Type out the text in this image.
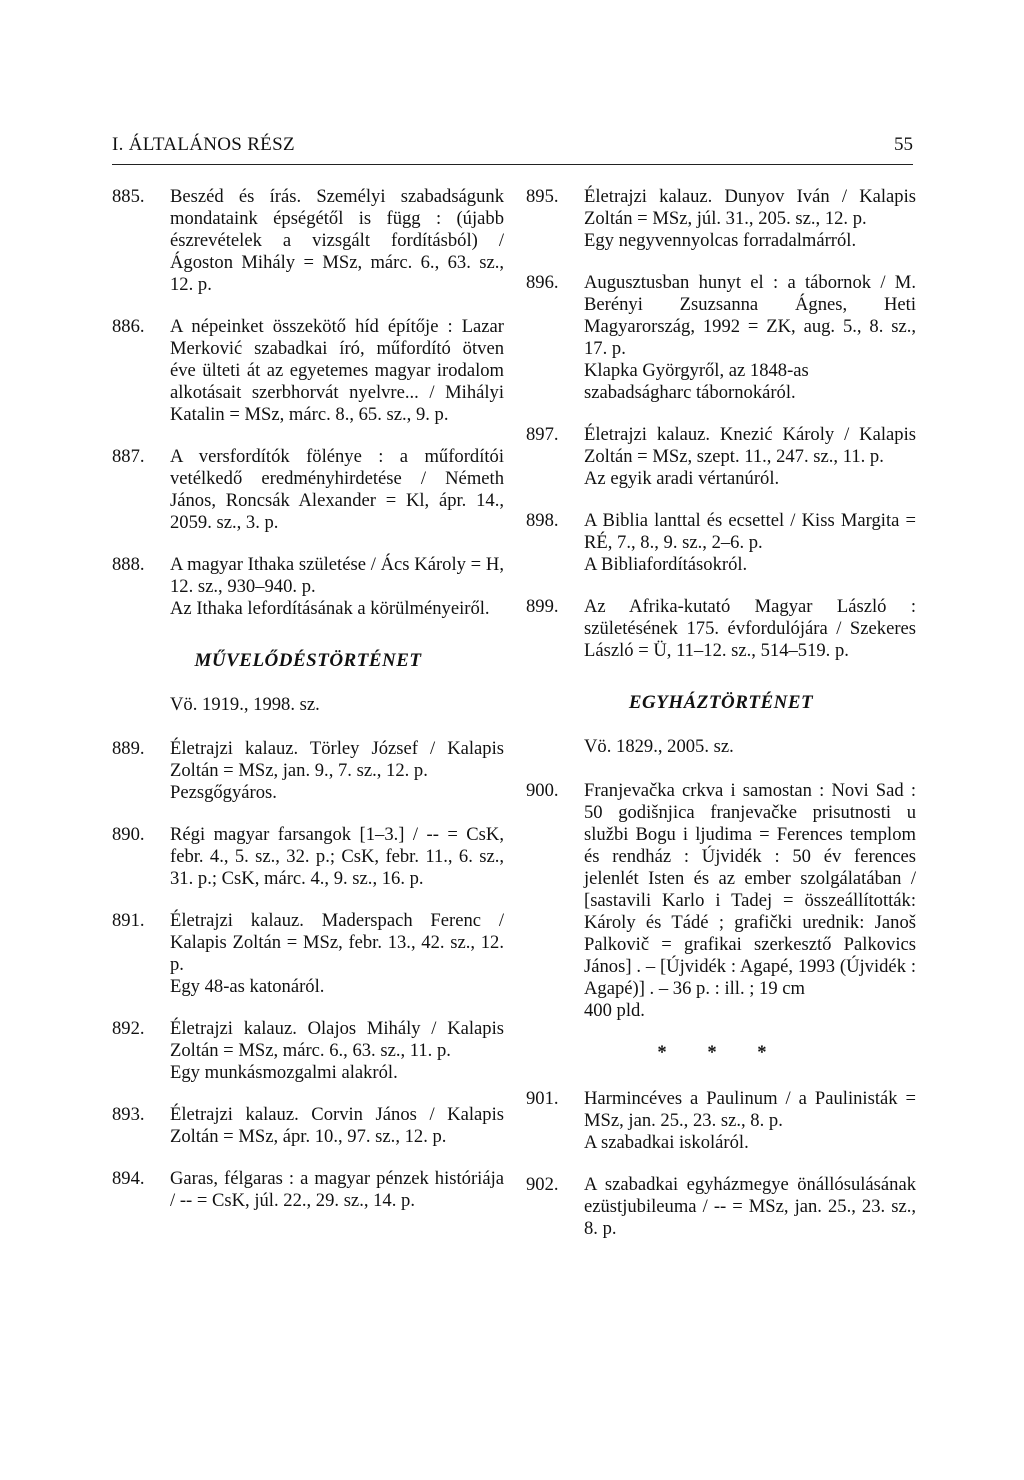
I. ÁLTALÁNOS RÉSZ	55
885. Beszéd és írás. Személyi szabadságunk mondataink épségétől is függ : (újabb észrevételek a vizsgált fordításból) / Ágoston Mihály = MSz, márc. 6., 63. sz., 12. p.
886. A népeinket összekötő híd építője : Lazar Merković szabadkai író, műfordító ötven éve ülteti át az egyetemes magyar irodalom alkotásait szerbhorvát nyelvre... / Mihályi Katalin = MSz, márc. 8., 65. sz., 9. p.
887. A versfordítók fölénye : a műfordítói vetélkedő eredményhirdetése / Németh János, Roncsák Alexander = Kl, ápr. 14., 2059. sz., 3. p.
888. A magyar Ithaka születése / Ács Károly = H, 12. sz., 930–940. p.
Az Ithaka lefordításának a körülményeiről.
MŰVELŐDÉSTÖRTÉNET
Vö. 1919., 1998. sz.
889. Életrajzi kalauz. Törley József / Kalapis Zoltán = MSz, jan. 9., 7. sz., 12. p.
Pezsgőgyáros.
890. Régi magyar farsangok [1–3.] / -- = CsK, febr. 4., 5. sz., 32. p.; CsK, febr. 11., 6. sz., 31. p.; CsK, márc. 4., 9. sz., 16. p.
891. Életrajzi kalauz. Maderspach Ferenc / Kalapis Zoltán = MSz, febr. 13., 42. sz., 12. p.
Egy 48-as katonáról.
892. Életrajzi kalauz. Olajos Mihály / Kalapis Zoltán = MSz, márc. 6., 63. sz., 11. p.
Egy munkásmozgalmi alakról.
893. Életrajzi kalauz. Corvin János / Kalapis Zoltán = MSz, ápr. 10., 97. sz., 12. p.
894. Garas, félgaras : a magyar pénzek históriája / -- = CsK, júl. 22., 29. sz., 14. p.
895. Életrajzi kalauz. Dunyov Iván / Kalapis Zoltán = MSz, júl. 31., 205. sz., 12. p.
Egy negyvennyolcas forradalmárról.
896. Augusztusban hunyt el : a tábornok / M. Berényi Zsuzsanna Ágnes, Heti Magyarország, 1992 = ZK, aug. 5., 8. sz., 17. p.
Klapka Györgyről, az 1848-as szabadságharc tábornokáról.
897. Életrajzi kalauz. Knezić Károly / Kalapis Zoltán = MSz, szept. 11., 247. sz., 11. p.
Az egyik aradi vértanúról.
898. A Biblia lanttal és ecsettel / Kiss Margita = RÉ, 7., 8., 9. sz., 2–6. p.
A Bibliafordításokról.
899. Az Afrika-kutató Magyar László : születésének 175. évfordulójára / Szekeres László = Ü, 11–12. sz., 514–519. p.
EGYHÁZTÖRTÉNET
Vö. 1829., 2005. sz.
900. Franjevačka crkva i samostan : Novi Sad : 50 godišnjica franjevačke prisutnosti u službi Bogu i ljudima = Ferences templom és rendház : Újvidék : 50 év ferences jelenlét Isten és az ember szolgálatában / [sastavili Karlo i Tadej = összeállították: Károly és Tádé ; grafički urednik: Janoš Palkovič = grafikai szerkesztő Palkovics János] . – [Újvidék : Agapé, 1993 (Újvidék : Agapé)] . – 36 p. : ill. ; 19 cm
400 pld.
* * *
901. Harmincéves a Paulinum / a Paulinisták = MSz, jan. 25., 23. sz., 8. p.
A szabadkai iskoláról.
902. A szabadkai egyházmegye önállósulásának ezüstjubileuma / -- = MSz, jan. 25., 23. sz., 8. p.
